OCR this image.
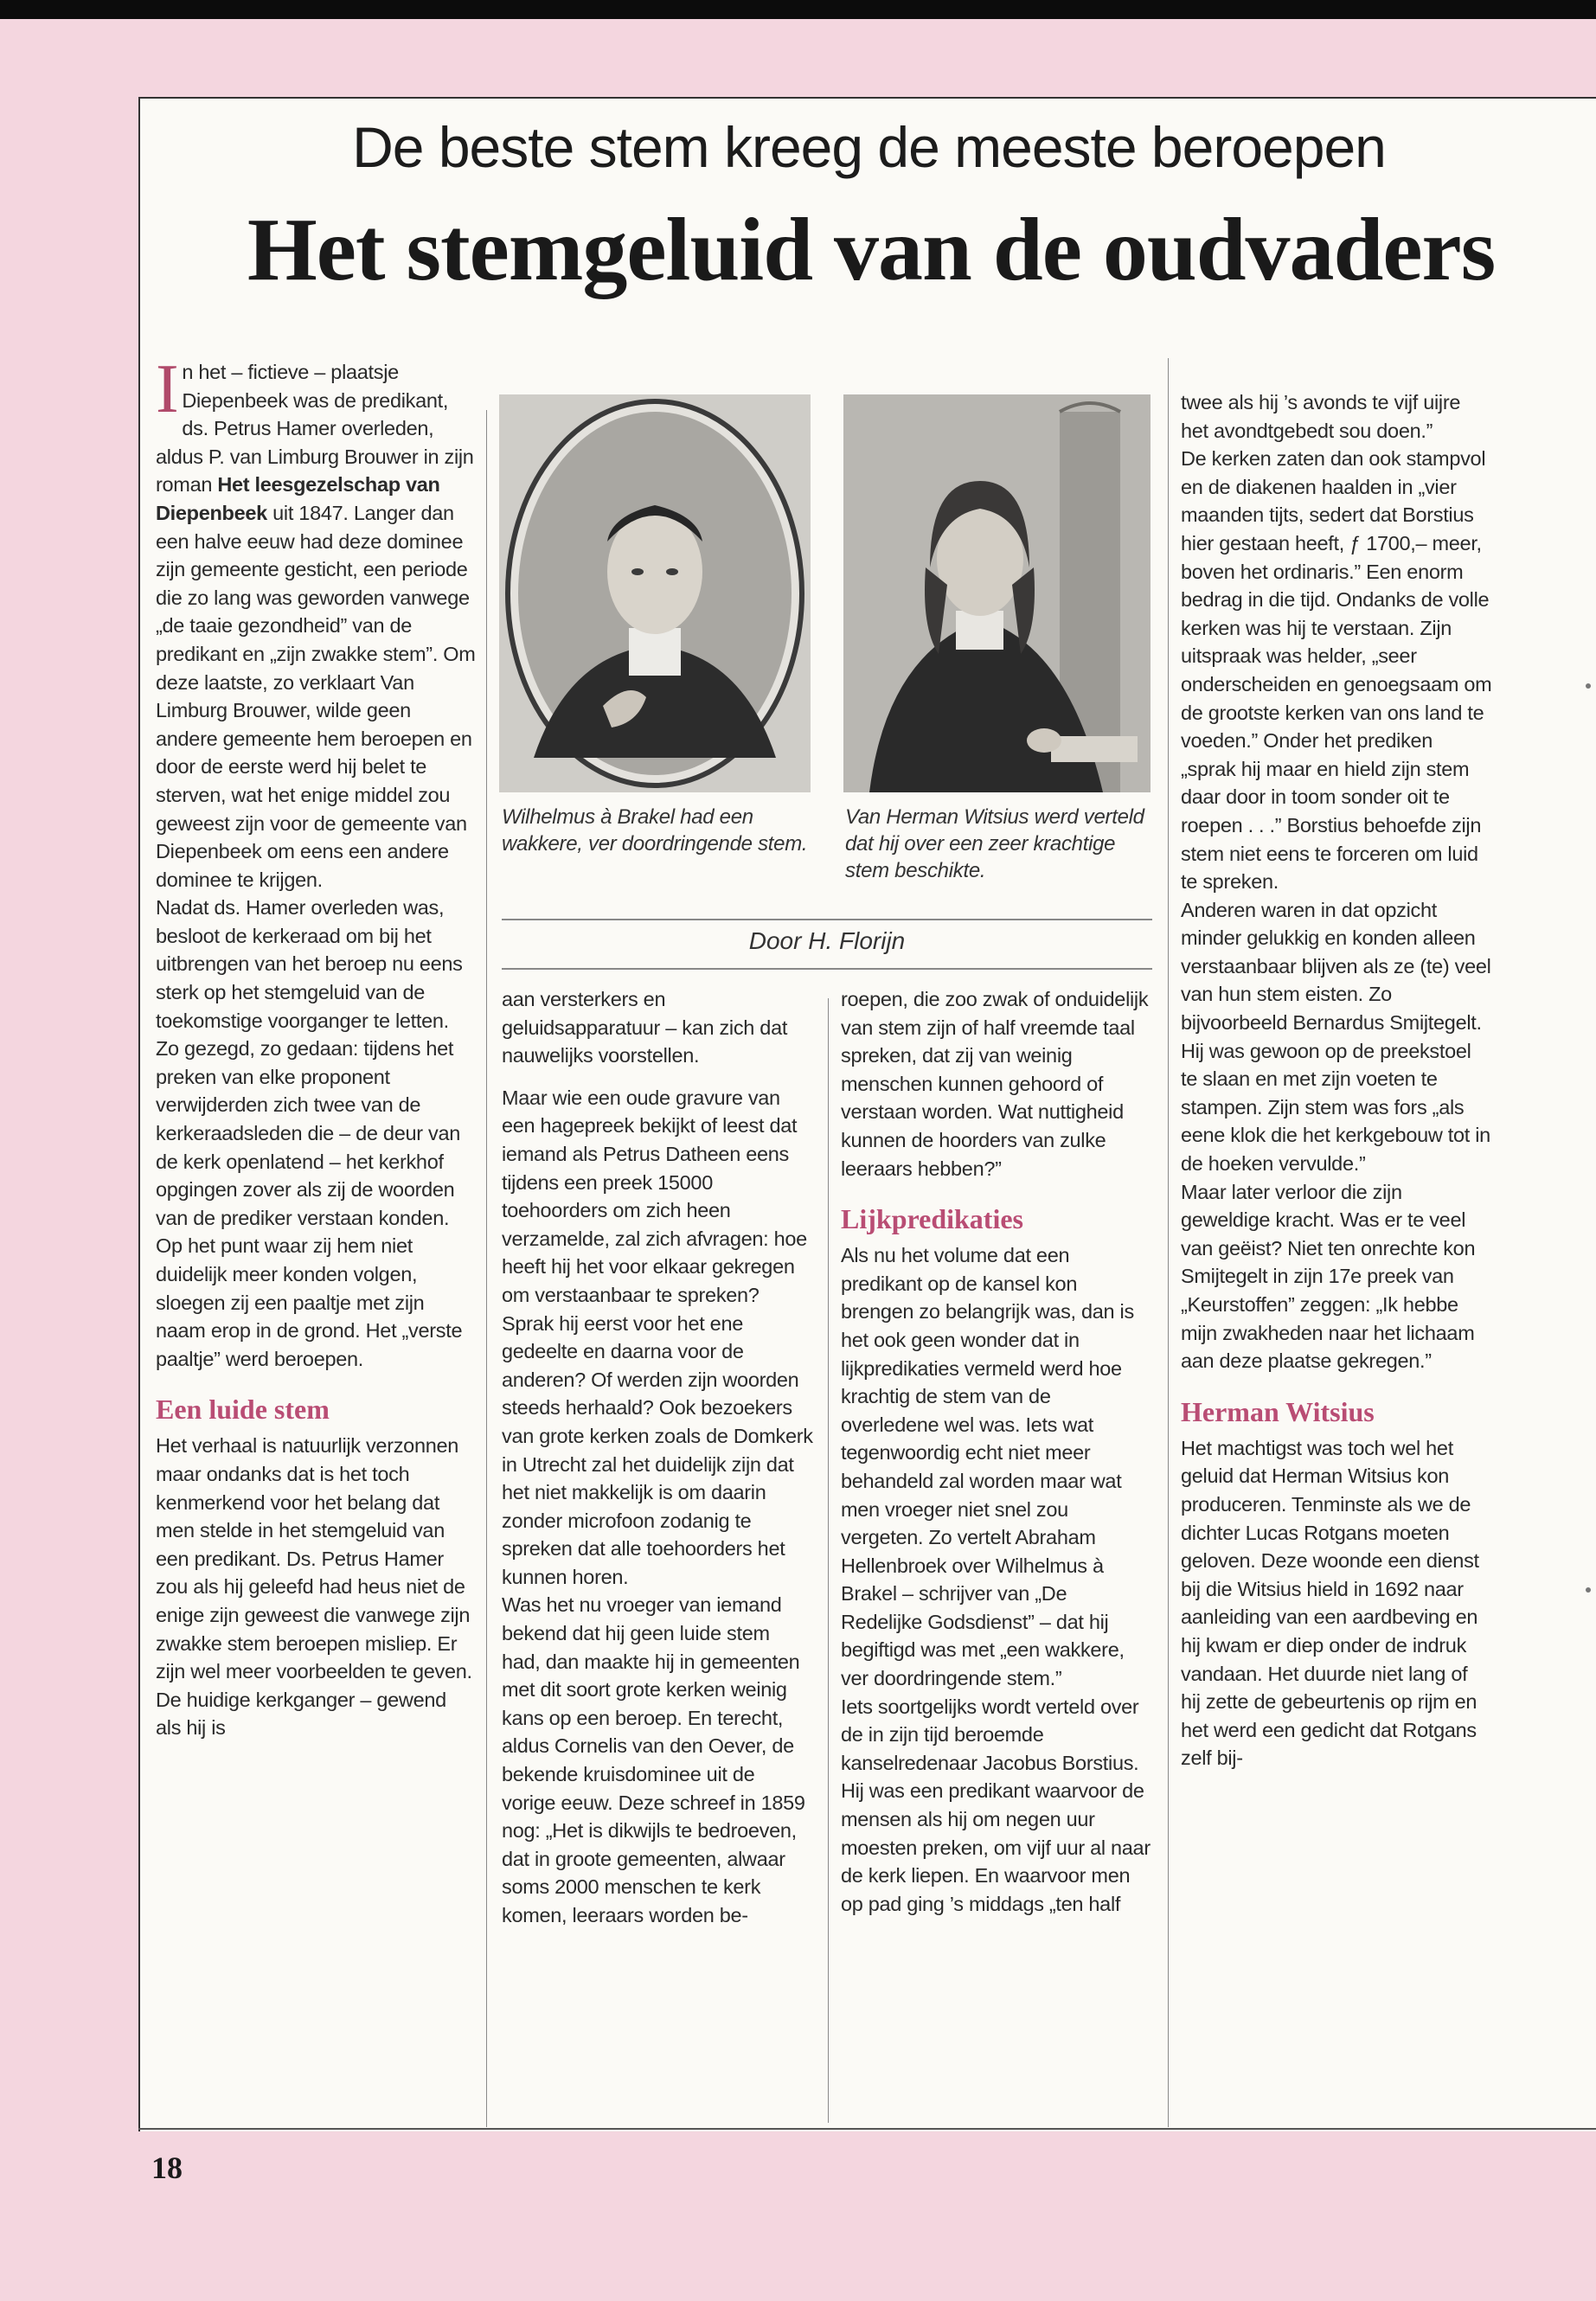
De beste stem kreeg de meeste beroepen
Het stemgeluid van de oudvaders

In het – fictieve – plaatsje Diepenbeek was de predikant, ds. Petrus Hamer overleden, aldus P. van Limburg Brouwer in zijn roman Het leesgezelschap van Diepenbeek uit 1847. Langer dan een halve eeuw had deze dominee zijn gemeente gesticht, een periode die zo lang was geworden vanwege „de taaie gezondheid” van de predikant en „zijn zwakke stem”. Om deze laatste, zo verklaart Van Limburg Brouwer, wilde geen andere gemeente hem beroepen en door de eerste werd hij belet te sterven, wat het enige middel zou geweest zijn voor de gemeente van Diepenbeek om eens een andere dominee te krijgen.

Nadat ds. Hamer overleden was, besloot de kerkeraad om bij het uitbrengen van het beroep nu eens sterk op het stemgeluid van de toekomstige voorganger te letten. Zo gezegd, zo gedaan: tijdens het preken van elke proponent verwijderden zich twee van de kerkeraadsleden die – de deur van de kerk openlatend – het kerkhof opgingen zover als zij de woorden van de prediker verstaan konden. Op het punt waar zij hem niet duidelijk meer konden volgen, sloegen zij een paaltje met zijn naam erop in de grond. Het „verste paaltje” werd beroepen.

Een luide stem

Het verhaal is natuurlijk verzonnen maar ondanks dat is het toch kenmerkend voor het belang dat men stelde in het stemgeluid van een predikant. Ds. Petrus Hamer zou als hij geleefd had heus niet de enige zijn geweest die vanwege zijn zwakke stem beroepen misliep. Er zijn wel meer voorbeelden te geven. De huidige kerkganger – gewend als hij is

Wilhelmus à Brakel had een wakkere, ver doordringende stem.
Van Herman Witsius werd verteld dat hij over een zeer krachtige stem beschikte.
Door H. Florijn

aan versterkers en geluidsapparatuur – kan zich dat nauwelijks voorstellen.

Maar wie een oude gravure van een hagepreek bekijkt of leest dat iemand als Petrus Datheen eens tijdens een preek 15000 toehoorders om zich heen verzamelde, zal zich afvragen: hoe heeft hij het voor elkaar gekregen om verstaanbaar te spreken? Sprak hij eerst voor het ene gedeelte en daarna voor de anderen? Of werden zijn woorden steeds herhaald? Ook bezoekers van grote kerken zoals de Domkerk in Utrecht zal het duidelijk zijn dat het niet makkelijk is om daarin zonder microfoon zodanig te spreken dat alle toehoorders het kunnen horen.

Was het nu vroeger van iemand bekend dat hij geen luide stem had, dan maakte hij in gemeenten met dit soort grote kerken weinig kans op een beroep. En terecht, aldus Cornelis van den Oever, de bekende kruisdominee uit de vorige eeuw. Deze schreef in 1859 nog: „Het is dikwijls te bedroeven, dat in groote gemeenten, alwaar soms 2000 menschen te kerk komen, leeraars worden be-

roepen, die zoo zwak of onduidelijk van stem zijn of half vreemde taal spreken, dat zij van weinig menschen kunnen gehoord of verstaan worden. Wat nuttigheid kunnen de hoorders van zulke leeraars hebben?”

Lijkpredikaties

Als nu het volume dat een predikant op de kansel kon brengen zo belangrijk was, dan is het ook geen wonder dat in lijkpredikaties vermeld werd hoe krachtig de stem van de overledene wel was. Iets wat tegenwoordig echt niet meer behandeld zal worden maar wat men vroeger niet snel zou vergeten. Zo vertelt Abraham Hellenbroek over Wilhelmus à Brakel – schrijver van „De Redelijke Godsdienst” – dat hij begiftigd was met „een wakkere, ver doordringende stem.”

Iets soortgelijks wordt verteld over de in zijn tijd beroemde kanselredenaar Jacobus Borstius. Hij was een predikant waarvoor de mensen als hij om negen uur moesten preken, om vijf uur al naar de kerk liepen. En waarvoor men op pad ging ’s middags „ten half

twee als hij ’s avonds te vijf uijre het avondtgebedt sou doen.”

De kerken zaten dan ook stampvol en de diakenen haalden in „vier maanden tijts, sedert dat Borstius hier gestaan heeft, ƒ 1700,– meer, boven het ordinaris.” Een enorm bedrag in die tijd. Ondanks de volle kerken was hij te verstaan. Zijn uitspraak was helder, „seer onderscheiden en genoegsaam om de grootste kerken van ons land te voeden.” Onder het prediken „sprak hij maar en hield zijn stem daar door in toom sonder oit te roepen . . .” Borstius behoefde zijn stem niet eens te forceren om luid te spreken.

Anderen waren in dat opzicht minder gelukkig en konden alleen verstaanbaar blijven als ze (te) veel van hun stem eisten. Zo bijvoorbeeld Bernardus Smijtegelt. Hij was gewoon op de preekstoel te slaan en met zijn voeten te stampen. Zijn stem was fors „als eene klok die het kerkgebouw tot in de hoeken vervulde.”

Maar later verloor die zijn geweldige kracht. Was er te veel van geëist? Niet ten onrechte kon Smijtegelt in zijn 17e preek van „Keurstoffen” zeggen: „Ik hebbe mijn zwakheden naar het lichaam aan deze plaatse gekregen.”

Herman Witsius

Het machtigst was toch wel het geluid dat Herman Witsius kon produceren. Tenminste als we de dichter Lucas Rotgans moeten geloven. Deze woonde een dienst bij die Witsius hield in 1692 naar aanleiding van een aardbeving en hij kwam er diep onder de indruk vandaan. Het duurde niet lang of hij zette de gebeurtenis op rijm en het werd een gedicht dat Rotgans zelf bij-

18
